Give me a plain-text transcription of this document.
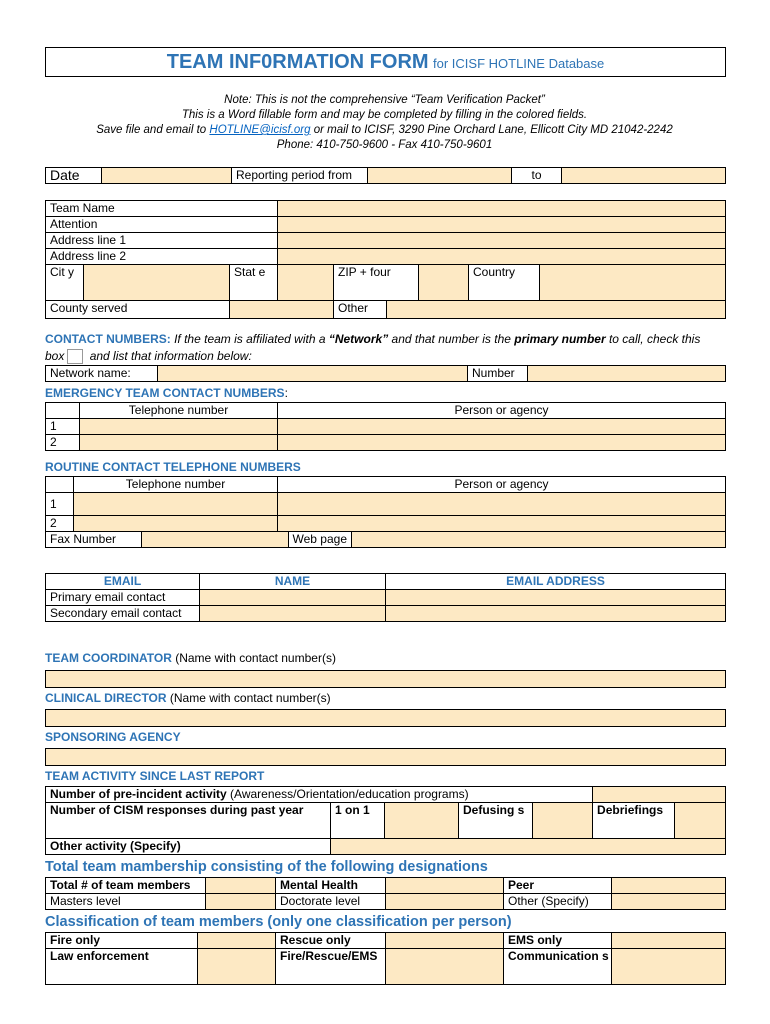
TEAM INF0RMATION FORM for ICISF HOTLINE Database
Note: This is not the comprehensive “Team Verification Packet”
This is a Word fillable form and may be completed by filling in the colored fields.
Save file and email to HOTLINE@icisf.org or mail to ICISF, 3290 Pine Orchard Lane, Ellicott City MD 21042-2242
Phone: 410-750-9600 - Fax 410-750-9601
Date		Reporting period from		to	
Team Name					
Attention					
Address line 1					
Address line 2					
Cit y		Stat e		ZIP + four Country	

County served				Other	
CONTACT NUMBERS: If the team is affiliated with a “Network” and that number is the primary number to call, check this
box and list that information below:
Network name:		Number	
EMERGENCY TEAM CONTACT NUMBERS:
	Telephone number	Person or agency
1		
2		
ROUTINE CONTACT TELEPHONE NUMBERS
	Telephone number		Person or agency	
1				
2				
Fax Number		Web page		

EMAIL	NAME	EMAIL ADDRESS
Primary email contact		
Secondary email contact		
TEAM COORDINATOR (Name with contact number(s)
CLINICAL DIRECTOR (Name with contact number(s)
SPONSORING AGENCY
TEAM ACTIVITY SINCE LAST REPORT
Number of pre-incident activity (Awareness/Orientation/education programs)						
Number of CISM responses during past year	1 on 1		Defusing s		Debriefings	
Other activity (Specify)						
Total team mambership consisting of the following designations
Total # of team members		Mental Health		Peer	
Masters level		Doctorate level		Other (Specify)	
Classification of team members (only one classification per person)
Fire only		Rescue only		EMS only	
Law enforcement		Fire/Rescue/EMS		Communication s	
